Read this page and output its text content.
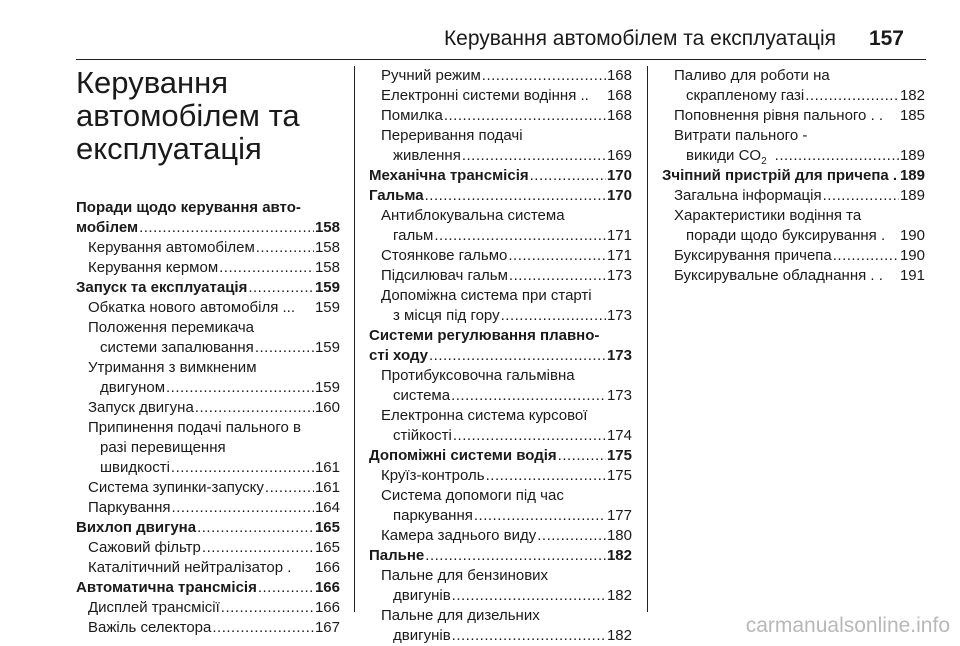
Керування автомобілем та експлуатація 157
Керування
автомобілем та
експлуатація
Поради щодо керування авто-
мобілем .....	158
Керування автомобілем .....	158
Керування кермом .....	158
Запуск та експлуатація .....	159
Обкатка нового автомобіля ... 159
Положення перемикача
системи запалювання .....	159
Утримання з вимкненим
двигуном .....	159
Запуск двигуна .....	160
Припинення подачі пального в
разі перевищення
швидкості .....	161
Система зупинки-запуску .....	161
Паркування .....	164
Вихлоп двигуна .....	165
Сажовий фільтр .....	165
Каталітичний нейтралізатор . 166
Автоматична трансмісія .....	166
Дисплей трансмісії .....	166
Важіль селектора .....	167
Ручний режим .....	168
Електронні системи водіння .. 168
Помилка .....	168
Переривання подачі
живлення .....	169
Механічна трансмісія .....	170
Гальма .....	170
Антиблокувальна система
гальм .....	171
Стоянкове гальмо .....	171
Підсилювач гальм .....	173
Допоміжна система при старті
з місця під гору .....	173
Системи регулювання плавно-
сті ходу .....	173
Протибуксовочна гальмівна
система .....	173
Електронна система курсової
стійкості .....	174
Допоміжні системи водія .....	175
Круїз-контроль .....	175
Система допомоги під час
паркування .....	177
Камера заднього виду .....	180
Пальне .....	182
Пальне для бензинових
двигунів .....	182
Пальне для дизельних
двигунів .....	182
Паливо для роботи на
скрапленому газі .....	182
Поповнення рівня пального . . 185
Витрати пального -
викиди $CO_2$ .....	189
Зчіпний пристрій для причепа . 189
Загальна інформація .....	189
Характеристики водіння та
поради щодо буксирування . 190
Буксирування причепа .....	190
Буксирувальне обладнання . . 191
carmanualsonline.info
